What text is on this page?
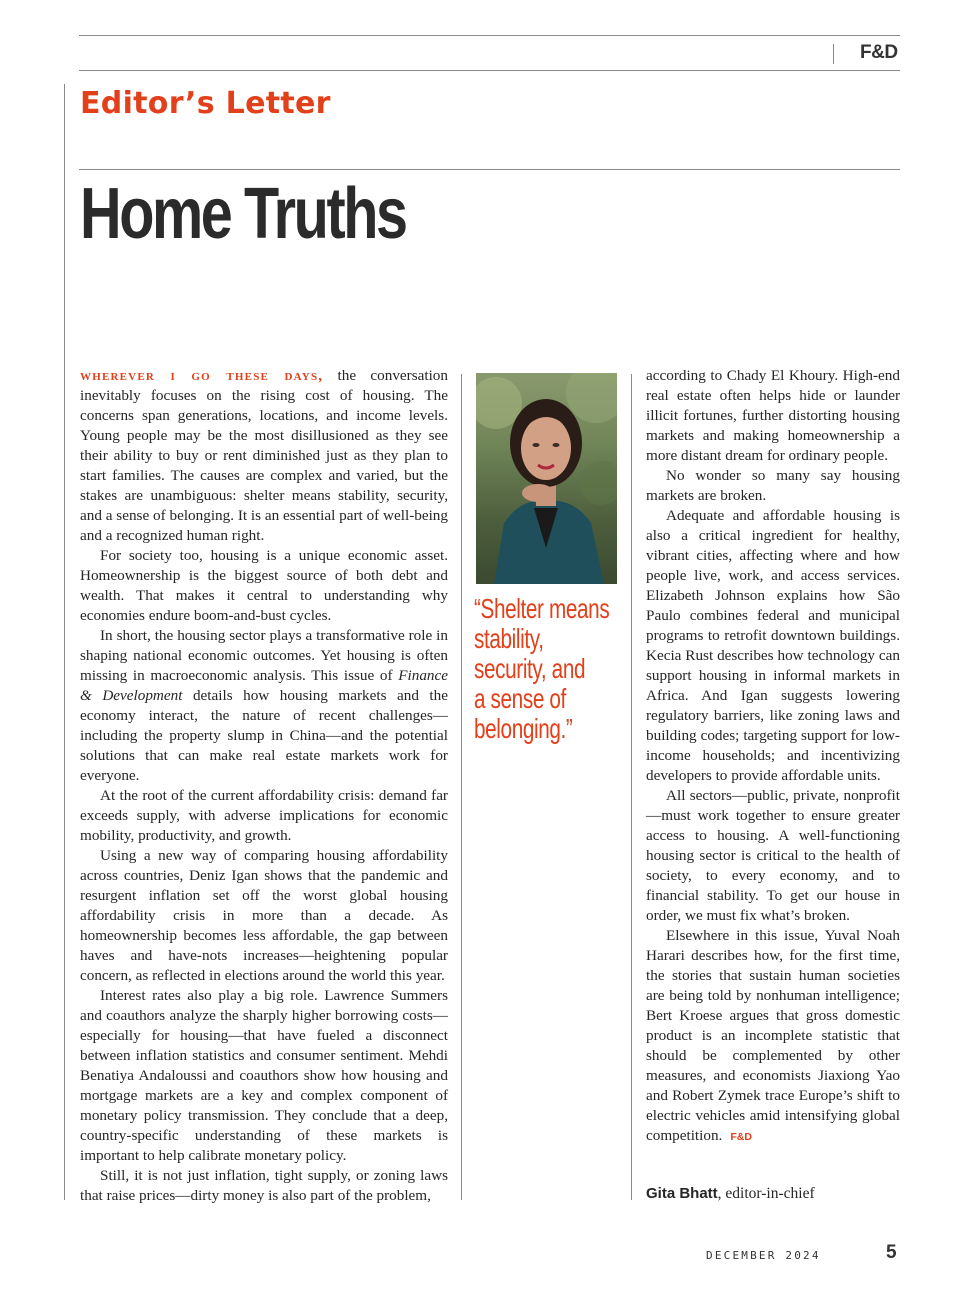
F&D
Editor’s Letter
Home Truths

wherever i go these days, the conversation inevitably focuses on the rising cost of housing. The concerns span generations, locations, and income levels. Young people may be the most disillusioned as they see their ability to buy or rent diminished just as they plan to start families. The causes are complex and varied, but the stakes are unambiguous: shelter means stability, security, and a sense of belonging. It is an essential part of well-being and a recognized human right.

For society too, housing is a unique economic asset. Homeownership is the biggest source of both debt and wealth. That makes it central to understanding why economies endure boom-and-bust cycles.

In short, the housing sector plays a transformative role in shaping national economic outcomes. Yet housing is often missing in macroeconomic analysis. This issue of Finance & Development details how housing markets and the economy interact, the nature of recent challenges—including the property slump in China—and the potential solutions that can make real estate markets work for everyone.

At the root of the current affordability crisis: demand far exceeds supply, with adverse implications for economic mobility, productivity, and growth.

Using a new way of comparing housing affordability across countries, Deniz Igan shows that the pandemic and resurgent inflation set off the worst global housing affordability crisis in more than a decade. As homeownership becomes less affordable, the gap between haves and have-nots increases—heightening popular concern, as reflected in elections around the world this year.

Interest rates also play a big role. Lawrence Summers and coauthors analyze the sharply higher borrowing costs—especially for housing—that have fueled a disconnect between inflation statistics and consumer sentiment. Mehdi Benatiya Andaloussi and coauthors show how housing and mortgage markets are a key and complex component of monetary policy transmission. They conclude that a deep, country-specific understanding of these markets is important to help calibrate monetary policy.

Still, it is not just inflation, tight supply, or zoning laws that raise prices—dirty money is also part of the problem,

“Shelter means
stability,
security, and
a sense of
belonging.”

according to Chady El Khoury. High-end real estate often helps hide or launder illicit fortunes, further distorting housing markets and making homeownership a more distant dream for ordinary people.

No wonder so many say housing markets are broken.

Adequate and affordable housing is also a critical ingredient for healthy, vibrant cities, affecting where and how people live, work, and access services. Elizabeth Johnson explains how São Paulo combines federal and municipal programs to retrofit downtown buildings. Kecia Rust describes how technology can support housing in informal markets in Africa. And Igan suggests lowering regulatory barriers, like zoning laws and building codes; targeting support for low-income households; and incentivizing developers to provide affordable units.

All sectors—public, private, nonprofit—must work together to ensure greater access to housing. A well-functioning housing sector is critical to the health of society, to every economy, and to financial stability. To get our house in order, we must fix what’s broken.

Elsewhere in this issue, Yuval Noah Harari describes how, for the first time, the stories that sustain human societies are being told by nonhuman intelligence; Bert Kroese argues that gross domestic product is an incomplete statistic that should be complemented by other measures, and economists Jiaxiong Yao and Robert Zymek trace Europe’s shift to electric vehicles amid intensifying global competition. F&D

Gita Bhatt, editor-in-chief
DECEMBER 2024	5
